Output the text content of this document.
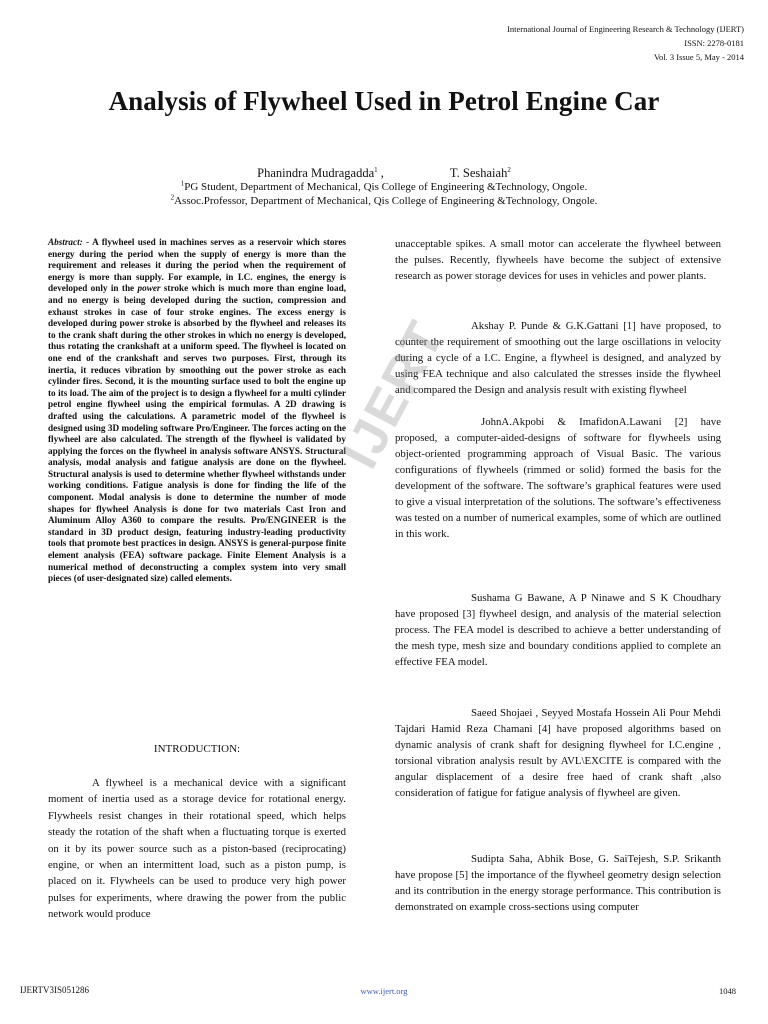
International Journal of Engineering Research & Technology (IJERT)
ISSN: 2278-0181
Vol. 3 Issue 5, May - 2014
Analysis of Flywheel Used in Petrol Engine Car
Phanindra Mudragadda$^1$ ,	T. Seshaiah$^2$
$^1$PG Student, Department of Mechanical, Qis College of Engineering &Technology, Ongole.
$^2$Assoc.Professor, Department of Mechanical, Qis College of Engineering &Technology, Ongole.
Abstract: - A flywheel used in machines serves as a reservoir which stores energy during the period when the supply of energy is more than the requirement and releases it during the period when the requirement of energy is more than supply. For example, in I.C. engines, the energy is developed only in the power stroke which is much more than engine load, and no energy is being developed during the suction, compression and exhaust strokes in case of four stroke engines. The excess energy is developed during power stroke is absorbed by the flywheel and releases its to the crank shaft during the other strokes in which no energy is developed, thus rotating the crankshaft at a uniform speed. The flywheel is located on one end of the crankshaft and serves two purposes. First, through its inertia, it reduces vibration by smoothing out the power stroke as each cylinder fires. Second, it is the mounting surface used to bolt the engine up to its load. The aim of the project is to design a flywheel for a multi cylinder petrol engine flywheel using the empirical formulas. A 2D drawing is drafted using the calculations. A parametric model of the flywheel is designed using 3D modeling software Pro/Engineer. The forces acting on the flywheel are also calculated. The strength of the flywheel is validated by applying the forces on the flywheel in analysis software ANSYS. Structural analysis, modal analysis and fatigue analysis are done on the flywheel. Structural analysis is used to determine whether flywheel withstands under working conditions. Fatigue analysis is done for finding the life of the component. Modal analysis is done to determine the number of mode shapes for flywheel Analysis is done for two materials Cast Iron and Aluminum Alloy A360 to compare the results. Pro/ENGINEER is the standard in 3D product design, featuring industry-leading productivity tools that promote best practices in design. ANSYS is general-purpose finite element analysis (FEA) software package. Finite Element Analysis is a numerical method of deconstructing a complex system into very small pieces (of user-designated size) called elements.
INTRODUCTION:
A flywheel is a mechanical device with a significant moment of inertia used as a storage device for rotational energy. Flywheels resist changes in their rotational speed, which helps steady the rotation of the shaft when a fluctuating torque is exerted on it by its power source such as a piston-based (reciprocating) engine, or when an intermittent load, such as a piston pump, is placed on it. Flywheels can be used to produce very high power pulses for experiments, where drawing the power from the public network would produce

unacceptable spikes. A small motor can accelerate the flywheel between the pulses. Recently, flywheels have become the subject of extensive research as power storage devices for uses in vehicles and power plants.

Akshay P. Punde & G.K.Gattani [1] have proposed, to counter the requirement of smoothing out the large oscillations in velocity during a cycle of a I.C. Engine, a flywheel is designed, and analyzed by using FEA technique and also calculated the stresses inside the flywheel and compared the Design and analysis result with existing flywheel

JohnA.Akpobi & ImafidonA.Lawani [2] have proposed, a computer-aided-designs of software for flywheels using object-oriented programming approach of Visual Basic. The various configurations of flywheels (rimmed or solid) formed the basis for the development of the software. The software’s graphical features were used to give a visual interpretation of the solutions. The software’s effectiveness was tested on a number of numerical examples, some of which are outlined in this work.

Sushama G Bawane, A P Ninawe and S K Choudhary have proposed [3] flywheel design, and analysis of the material selection process. The FEA model is described to achieve a better understanding of the mesh type, mesh size and boundary conditions applied to complete an effective FEA model.

Saeed Shojaei , Seyyed Mostafa Hossein Ali Pour Mehdi Tajdari Hamid Reza Chamani [4] have proposed algorithms based on dynamic analysis of crank shaft for designing flywheel for I.C.engine , torsional vibration analysis result by AVL\EXCITE is compared with the angular displacement of a desire free haed of crank shaft ,also consideration of fatigue for fatigue analysis of flywheel are given.

Sudipta Saha, Abhik Bose, G. SaiTejesh, S.P. Srikanth have propose [5] the importance of the flywheel geometry design selection and its contribution in the energy storage performance. This contribution is demonstrated on example cross-sections using computer

IJERT
IJERTV3IS051286	www.ijert.org	1048
